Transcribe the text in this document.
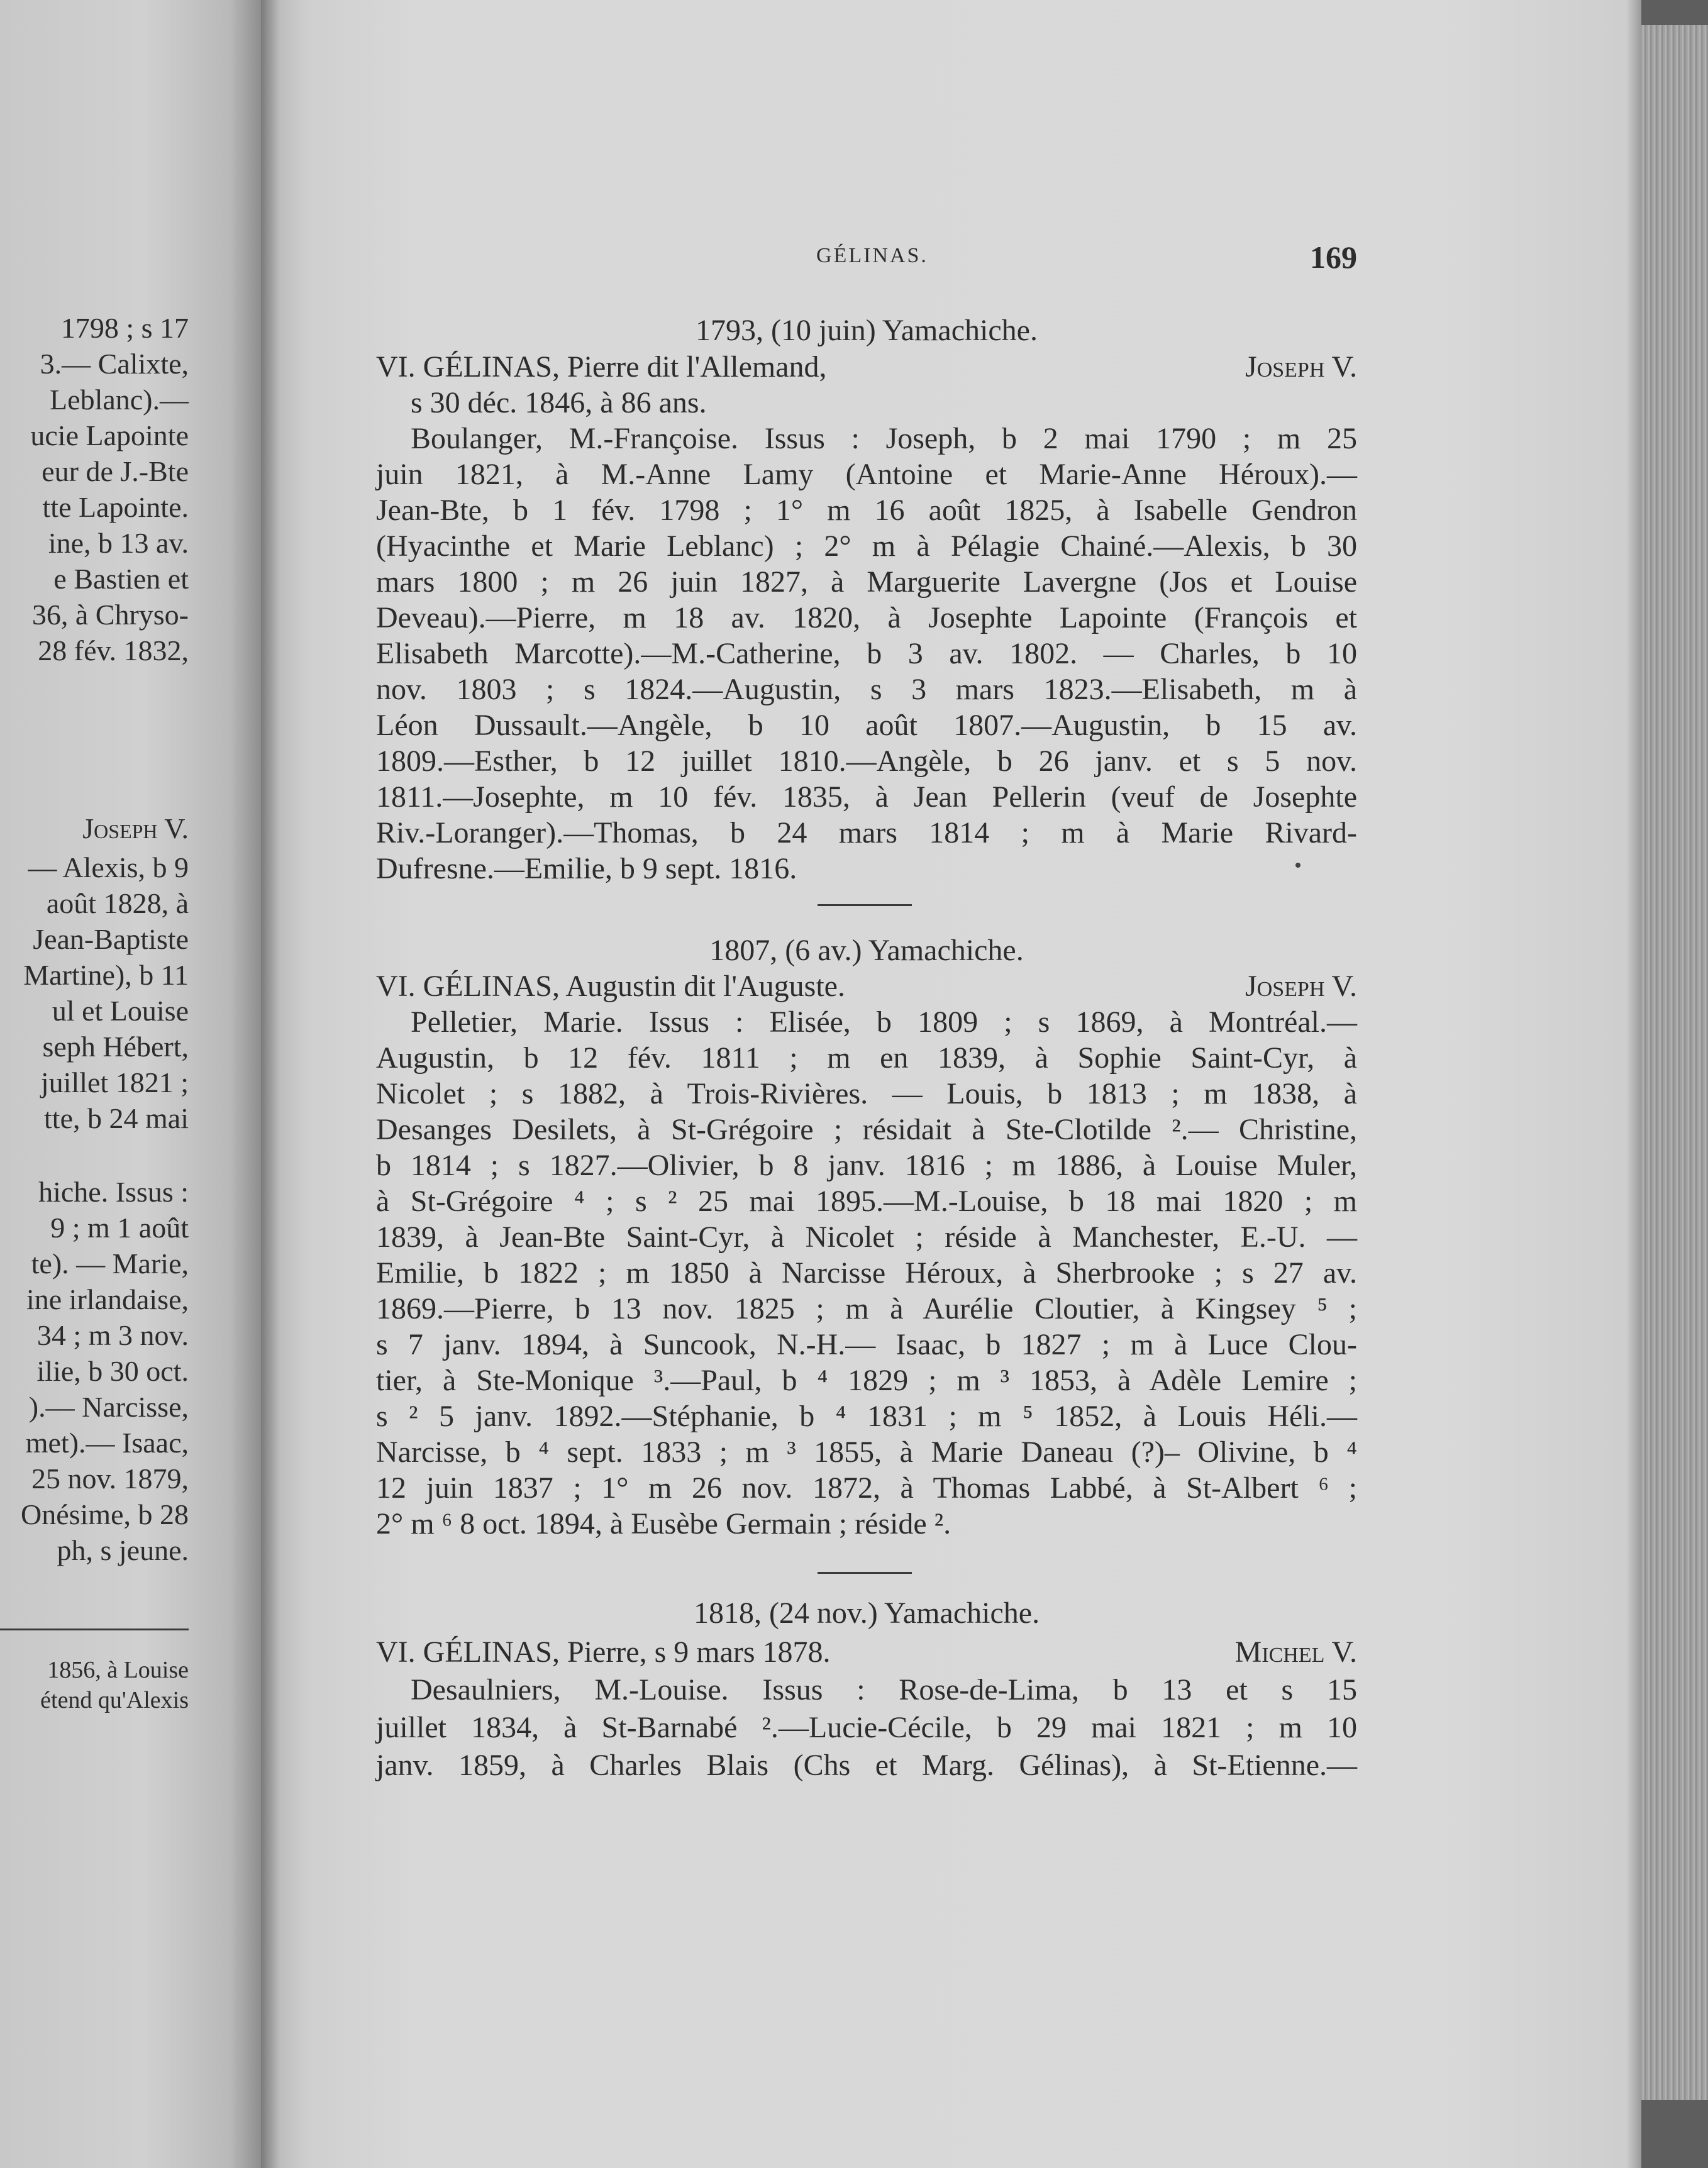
1798 ; s 17
3.— Calixte,
Leblanc).—
ucie Lapointe
eur de J.-Bte
tte Lapointe.
ine, b 13 av.
e Bastien et
36, à Chryso-
28 fév. 1832,
Joseph V.
— Alexis, b 9
août 1828, à
Jean-Baptiste
Martine), b 11
ul et Louise
seph Hébert,
juillet 1821 ;
tte, b 24 mai
hiche. Issus :
9 ; m 1 août
te). — Marie,
ine irlandaise,
34 ; m 3 nov.
ilie, b 30 oct.
).— Narcisse,
met).— Isaac,
25 nov. 1879,
Onésime, b 28
ph, s jeune.
1856, à Louise
étend qu'Alexis
GÉLINAS.	169
1793, (10 juin) Yamachiche.
VI. GÉLINAS, Pierre dit l'Allemand,	Joseph V.
s 30 déc. 1846, à 86 ans.
Boulanger, M.-Françoise. Issus : Joseph, b 2 mai 1790 ; m 25
juin 1821, à M.-Anne Lamy (Antoine et Marie-Anne Héroux).—
Jean-Bte, b 1 fév. 1798 ; 1° m 16 août 1825, à Isabelle Gendron
(Hyacinthe et Marie Leblanc) ; 2° m à Pélagie Chainé.—Alexis, b 30
mars 1800 ; m 26 juin 1827, à Marguerite Lavergne (Jos et Louise
Deveau).—Pierre, m 18 av. 1820, à Josephte Lapointe (François et
Elisabeth Marcotte).—M.-Catherine, b 3 av. 1802. — Charles, b 10
nov. 1803 ; s 1824.—Augustin, s 3 mars 1823.—Elisabeth, m à
Léon Dussault.—Angèle, b 10 août 1807.—Augustin, b 15 av.
1809.—Esther, b 12 juillet 1810.—Angèle, b 26 janv. et s 5 nov.
1811.—Josephte, m 10 fév. 1835, à Jean Pellerin (veuf de Josephte
Riv.-Loranger).—Thomas, b 24 mars 1814 ; m à Marie Rivard-
Dufresne.—Emilie, b 9 sept. 1816.
1807, (6 av.) Yamachiche.
VI. GÉLINAS, Augustin dit l'Auguste.	Joseph V.
Pelletier, Marie. Issus : Elisée, b 1809 ; s 1869, à Montréal.—
Augustin, b 12 fév. 1811 ; m en 1839, à Sophie Saint-Cyr, à
Nicolet ; s 1882, à Trois-Rivières. — Louis, b 1813 ; m 1838, à
Desanges Desilets, à St-Grégoire ; résidait à Ste-Clotilde ².— Christine,
b 1814 ; s 1827.—Olivier, b 8 janv. 1816 ; m 1886, à Louise Muler,
à St-Grégoire ⁴ ; s ² 25 mai 1895.—M.-Louise, b 18 mai 1820 ; m
1839, à Jean-Bte Saint-Cyr, à Nicolet ; réside à Manchester, E.-U. —
Emilie, b 1822 ; m 1850 à Narcisse Héroux, à Sherbrooke ; s 27 av.
1869.—Pierre, b 13 nov. 1825 ; m à Aurélie Cloutier, à Kingsey ⁵ ;
s 7 janv. 1894, à Suncook, N.-H.— Isaac, b 1827 ; m à Luce Clou-
tier, à Ste-Monique ³.—Paul, b ⁴ 1829 ; m ³ 1853, à Adèle Lemire ;
s ² 5 janv. 1892.—Stéphanie, b ⁴ 1831 ; m ⁵ 1852, à Louis Héli.—
Narcisse, b ⁴ sept. 1833 ; m ³ 1855, à Marie Daneau (?)– Olivine, b ⁴
12 juin 1837 ; 1° m 26 nov. 1872, à Thomas Labbé, à St-Albert ⁶ ;
2° m ⁶ 8 oct. 1894, à Eusèbe Germain ; réside ².
1818, (24 nov.) Yamachiche.
VI. GÉLINAS, Pierre, s 9 mars 1878.	Michel V.
Desaulniers, M.-Louise. Issus : Rose-de-Lima, b 13 et s 15
juillet 1834, à St-Barnabé ².—Lucie-Cécile, b 29 mai 1821 ; m 10
janv. 1859, à Charles Blais (Chs et Marg. Gélinas), à St-Etienne.—
